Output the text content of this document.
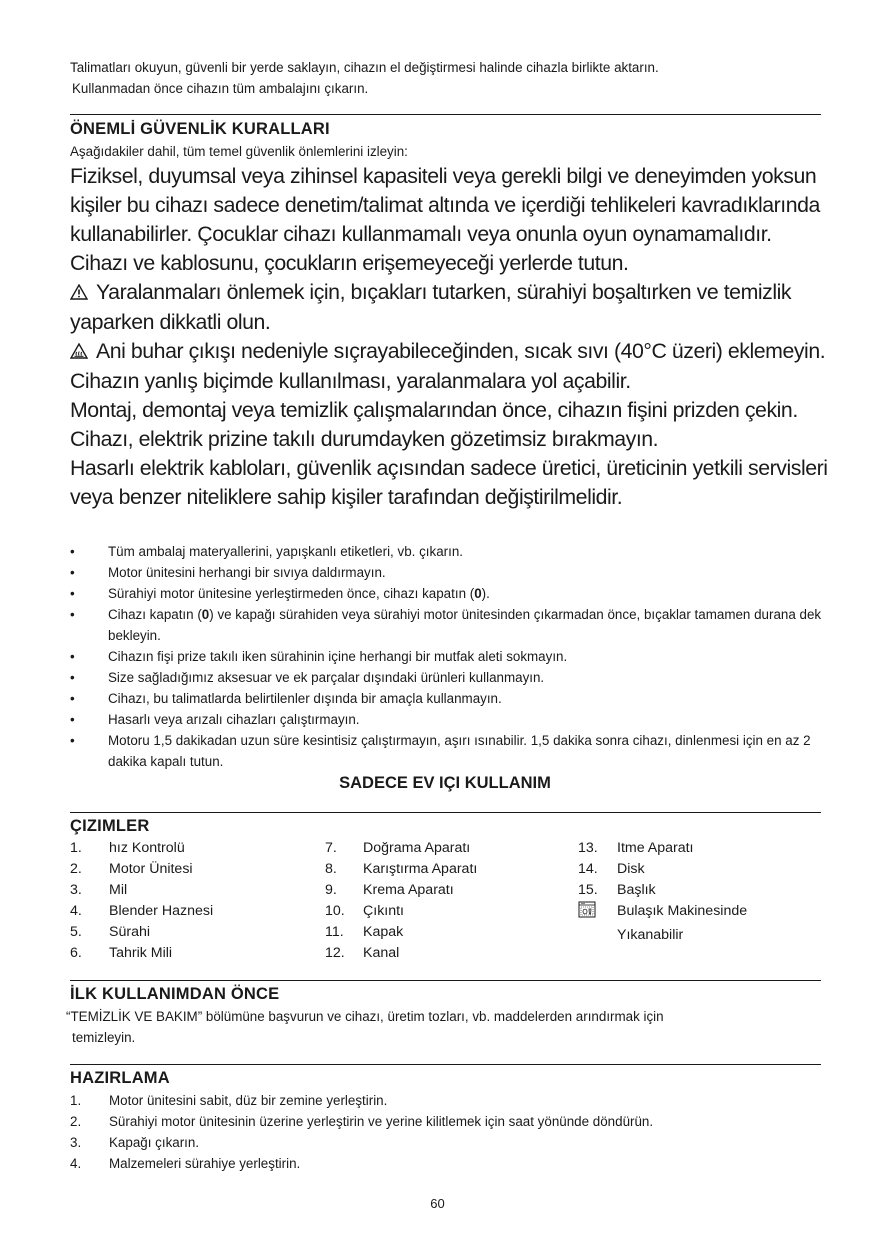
Talimatları okuyun, güvenli bir yerde saklayın, cihazın el değiştirmesi halinde cihazla birlikte aktarın.

Kullanmadan önce cihazın tüm ambalajını çıkarın.

ÖNEMLİ GÜVENLİK KURALLARI
Aşağıdakiler dahil, tüm temel güvenlik önlemlerini izleyin:

Fiziksel, duyumsal veya zihinsel kapasiteli veya gerekli bilgi ve deneyimden yoksun kişiler bu cihazı sadece denetim/talimat altında ve içerdiği tehlikeleri kavradıklarında kullanabilirler. Çocuklar cihazı kullanmamalı veya onunla oyun oynamamalıdır. Cihazı ve kablosunu, çocukların erişemeyeceği yerlerde tutun.

Yaralanmaları önlemek için, bıçakları tutarken, sürahiyi boşaltırken ve temizlik yaparken dikkatli olun.

Ani buhar çıkışı nedeniyle sıçrayabileceğinden, sıcak sıvı (40°C üzeri) eklemeyin.

Cihazın yanlış biçimde kullanılması, yaralanmalara yol açabilir.

Montaj, demontaj veya temizlik çalışmalarından önce, cihazın fişini prizden çekin.

Cihazı, elektrik prizine takılı durumdayken gözetimsiz bırakmayın.

Hasarlı elektrik kabloları, güvenlik açısından sadece üretici, üreticinin yetkili servisleri veya benzer niteliklere sahip kişiler tarafından değiştirilmelidir.

•	Tüm ambalaj materyallerini, yapışkanlı etiketleri, vb. çıkarın.
•	Motor ünitesini herhangi bir sıvıya daldırmayın.
•	Sürahiyi motor ünitesine yerleştirmeden önce, cihazı kapatın (0).
•	Cihazı kapatın (0) ve kapağı sürahiden veya sürahiyi motor ünitesinden çıkarmadan önce, bıçaklar tamamen durana dek bekleyin.
•	Cihazın fişi prize takılı iken sürahinin içine herhangi bir mutfak aleti sokmayın.
•	Size sağladığımız aksesuar ve ek parçalar dışındaki ürünleri kullanmayın.
•	Cihazı, bu talimatlarda belirtilenler dışında bir amaçla kullanmayın.
•	Hasarlı veya arızalı cihazları çalıştırmayın.
•	Motoru 1,5 dakikadan uzun süre kesintisiz çalıştırmayın, aşırı ısınabilir. 1,5 dakika sonra cihazı, dinlenmesi için en az 2 dakika kapalı tutun.
SADECE EV IÇI KULLANIM
ÇIZIMLER
1. hız Kontrolü
2. Motor Ünitesi
3. Mil
4. Blender Haznesi
5. Sürahi
6. Tahrik Mili
7. Doğrama Aparatı
8. Karıştırma Aparatı
9. Krema Aparatı
10. Çıkıntı
11. Kapak
12. Kanal
13. Itme Aparatı
14. Disk
15. Başlık
Bulaşık Makinesinde
Yıkanabilir
İLK KULLANIMDAN ÖNCE
“TEMİZLİK VE BAKIM” bölümüne başvurun ve cihazı, üretim tozları, vb. maddelerden arındırmak için
temizleyin.
HAZIRLAMA
1. Motor ünitesini sabit, düz bir zemine yerleştirin.
2. Sürahiyi motor ünitesinin üzerine yerleştirin ve yerine kilitlemek için saat yönünde döndürün.
3. Kapağı çıkarın.
4. Malzemeleri sürahiye yerleştirin.
60
